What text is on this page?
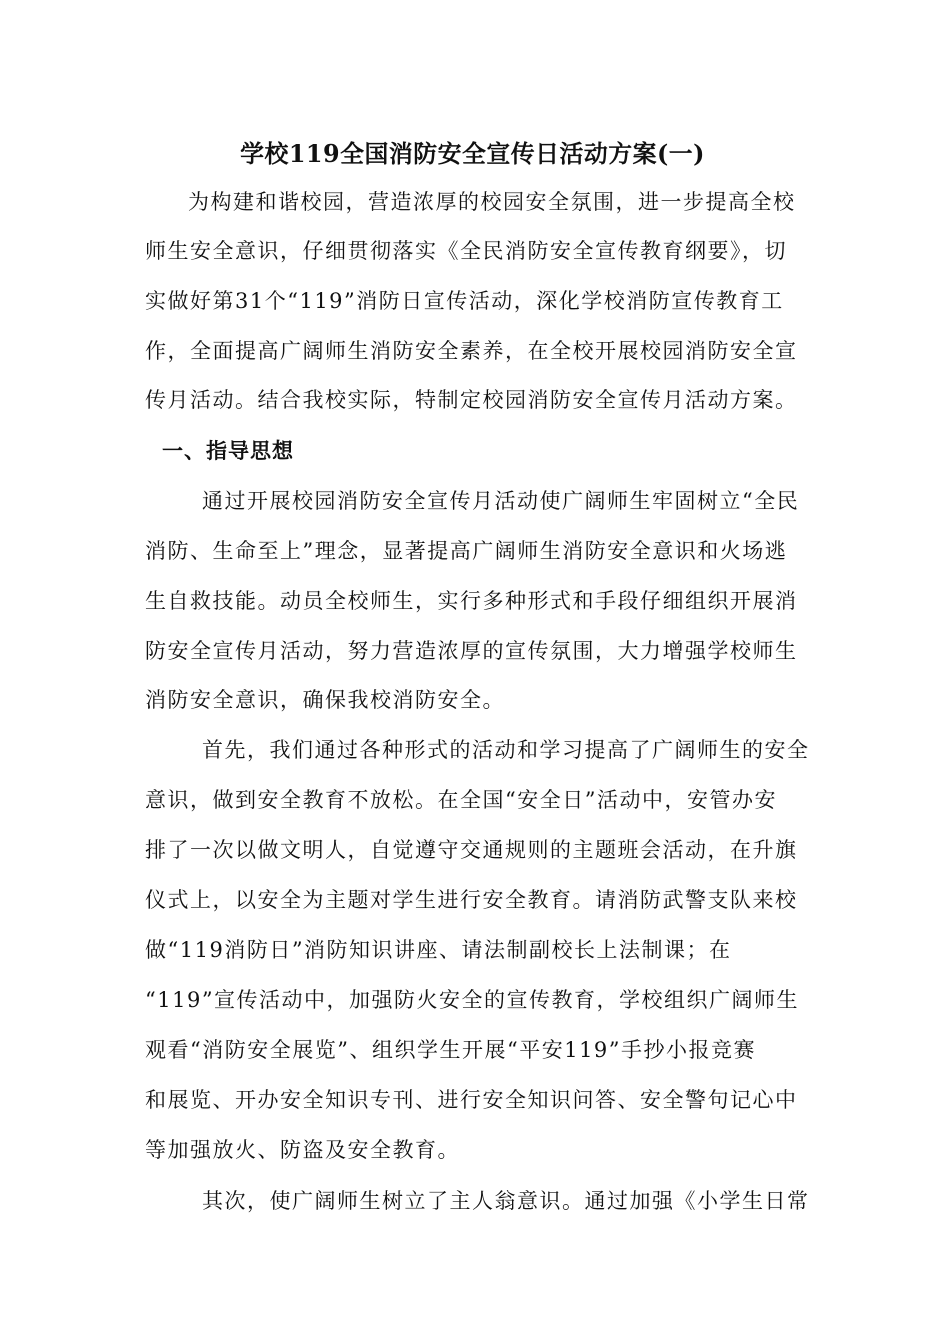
学校119全国消防安全宣传日活动方案(一)
为构建和谐校园，营造浓厚的校园安全氛围，进一步提高全校
师生安全意识，仔细贯彻落实《全民消防安全宣传教育纲要》，切
实做好第31个“119”消防日宣传活动，深化学校消防宣传教育工
作，全面提高广阔师生消防安全素养，在全校开展校园消防安全宣
传月活动。结合我校实际，特制定校园消防安全宣传月活动方案。
一、指导思想
通过开展校园消防安全宣传月活动使广阔师生牢固树立“全民
消防、生命至上”理念，显著提高广阔师生消防安全意识和火场逃
生自救技能。动员全校师生，实行多种形式和手段仔细组织开展消
防安全宣传月活动，努力营造浓厚的宣传氛围，大力增强学校师生
消防安全意识，确保我校消防安全。
首先，我们通过各种形式的活动和学习提高了广阔师生的安全
意识，做到安全教育不放松。在全国“安全日”活动中，安管办安
排了一次以做文明人，自觉遵守交通规则的主题班会活动，在升旗
仪式上，以安全为主题对学生进行安全教育。请消防武警支队来校
做“119消防日”消防知识讲座、请法制副校长上法制课；在
“119”宣传活动中，加强防火安全的宣传教育，学校组织广阔师生
观看“消防安全展览”、组织学生开展“平安119”手抄小报竞赛
和展览、开办安全知识专刊、进行安全知识问答、安全警句记心中
等加强放火、防盗及安全教育。
其次，使广阔师生树立了主人翁意识。通过加强《小学生日常
